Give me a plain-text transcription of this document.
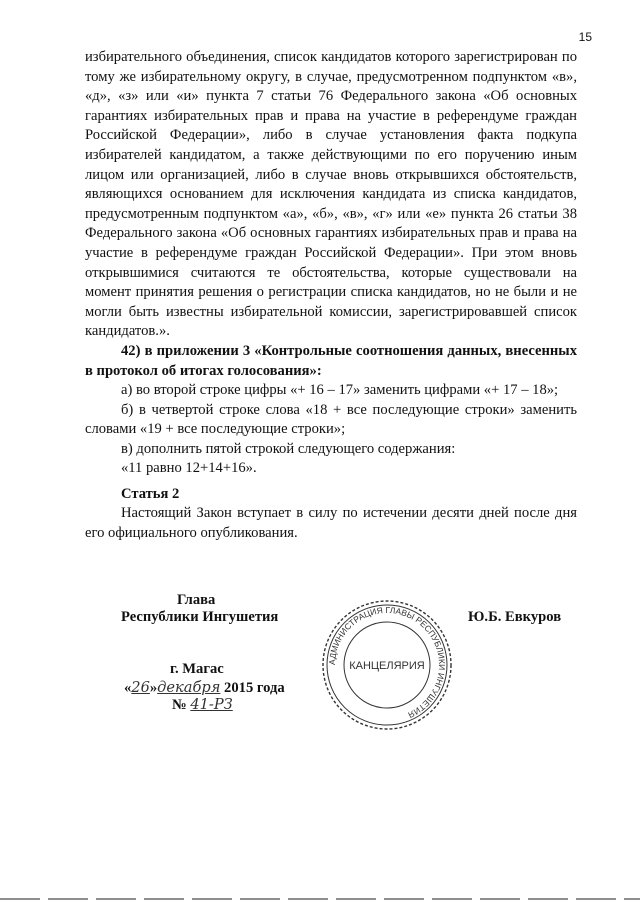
15

избирательного объединения, список кандидатов которого зарегистрирован по тому же избирательному округу, в случае, предусмотренном подпунктом «в», «д», «з» или «и» пункта 7 статьи 76 Федерального закона «Об основных гарантиях избирательных прав и права на участие в референдуме граждан Российской Федерации», либо в случае установления факта подкупа избирателей кандидатом, а также действующими по его поручению иным лицом или организацией, либо в случае вновь открывшихся обстоятельств, являющихся основанием для исключения кандидата из списка кандидатов, предусмотренным подпунктом «а», «б», «в», «г» или «е» пункта 26 статьи 38 Федерального закона «Об основных гарантиях избирательных прав и права на участие в референдуме граждан Российской Федерации». При этом вновь открывшимися считаются те обстоятельства, которые существовали на момент принятия решения о регистрации списка кандидатов, но не были и не могли быть известны избирательной комиссии, зарегистрировавшей список кандидатов.».

42) в приложении 3 «Контрольные соотношения данных, внесенных в протокол об итогах голосования»:

а) во второй строке цифры «+ 16 – 17» заменить цифрами «+ 17 – 18»;

б) в четвертой строке слова «18 + все последующие строки» заменить словами «19 + все последующие строки»;

в) дополнить пятой строкой следующего содержания:

«11 равно 12+14+16».

Статья 2

Настоящий Закон вступает в силу по истечении десяти дней после дня его официального опубликования.

Глава
Республики Ингушетия	Ю.Б. Евкуров
г. Магас
«26»декабря 2015 года
№ 41-РЗ
АДМИНИСТРАЦИЯ ГЛАВЫ РЕСПУБЛИКИ ИНГУШЕТИЯ
КАНЦЕЛЯРИЯ
